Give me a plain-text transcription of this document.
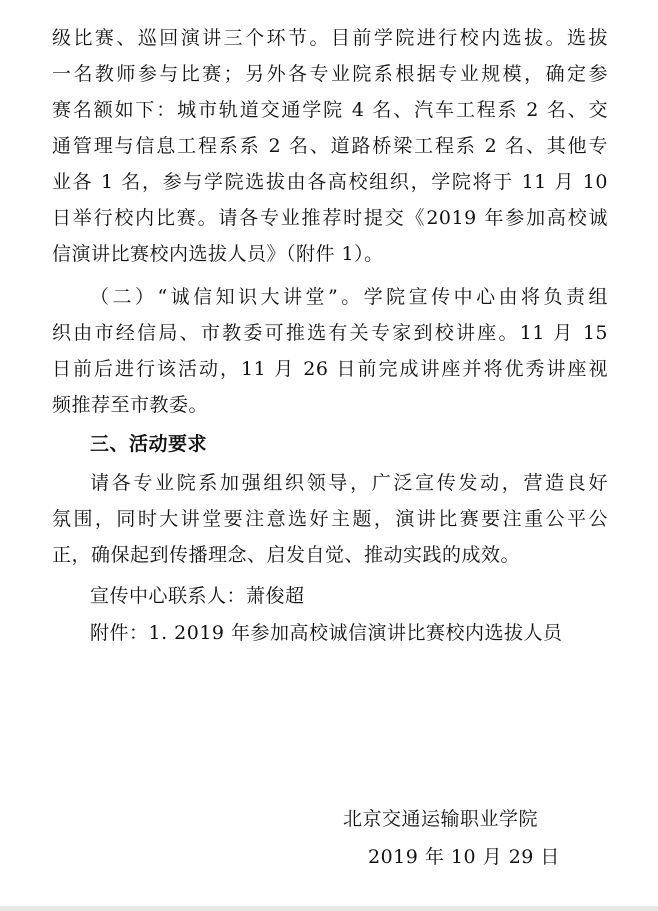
级比赛、巡回演讲三个环节。目前学院进行校内选拔。选拔
一名教师参与比赛；另外各专业院系根据专业规模，确定参
赛名额如下：城市轨道交通学院 4 名、汽车工程系 2 名、交
通管理与信息工程系系 2 名、道路桥梁工程系 2 名、其他专
业各 1 名，参与学院选拔由各高校组织，学院将于 11 月 10
日举行校内比赛。请各专业推荐时提交《2019 年参加高校诚
信演讲比赛校内选拔人员》（附件 1）。
（二）“诚信知识大讲堂”。学院宣传中心由将负责组
织由市经信局、市教委可推选有关专家到校讲座。11 月 15
日前后进行该活动，11 月 26 日前完成讲座并将优秀讲座视
频推荐至市教委。
三、活动要求
请各专业院系加强组织领导，广泛宣传发动，营造良好
氛围，同时大讲堂要注意选好主题，演讲比赛要注重公平公
正，确保起到传播理念、启发自觉、推动实践的成效。
宣传中心联系人：萧俊超
附件：1. 2019 年参加高校诚信演讲比赛校内选拔人员
北京交通运输职业学院
2019 年 10 月 29 日
